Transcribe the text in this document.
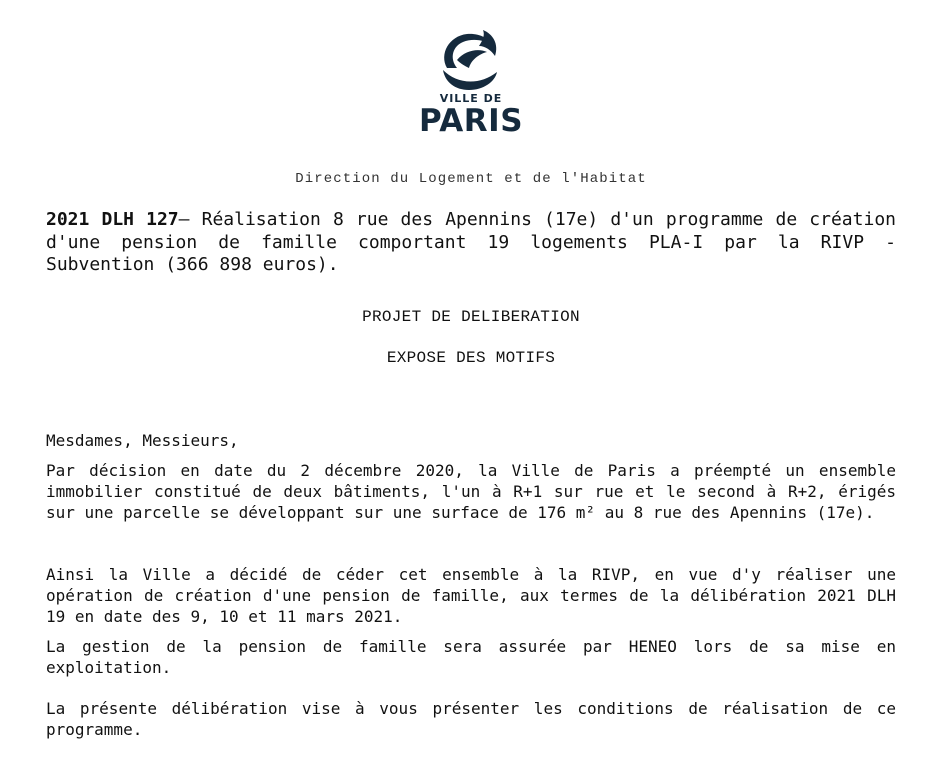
VILLE DE
PARIS
Direction du Logement et de l'Habitat

2021 DLH 127– Réalisation 8 rue des Apennins (17e) d'un programme de création d'une pension de famille comportant 19 logements PLA-I par la RIVP - Subvention (366 898 euros).

PROJET DE DELIBERATION

EXPOSE DES MOTIFS

Mesdames, Messieurs,

Par décision en date du 2 décembre 2020, la Ville de Paris a préempté un ensemble immobilier constitué de deux bâtiments, l'un à R+1 sur rue et le second à R+2, érigés sur une parcelle se développant sur une surface de 176 m² au 8 rue des Apennins (17e).

Ainsi la Ville a décidé de céder cet ensemble à la RIVP, en vue d'y réaliser une opération de création d'une pension de famille, aux termes de la délibération 2021 DLH 19 en date des 9, 10 et 11 mars 2021.

La gestion de la pension de famille sera assurée par HENEO lors de sa mise en exploitation.

La présente délibération vise à vous présenter les conditions de réalisation de ce programme.
